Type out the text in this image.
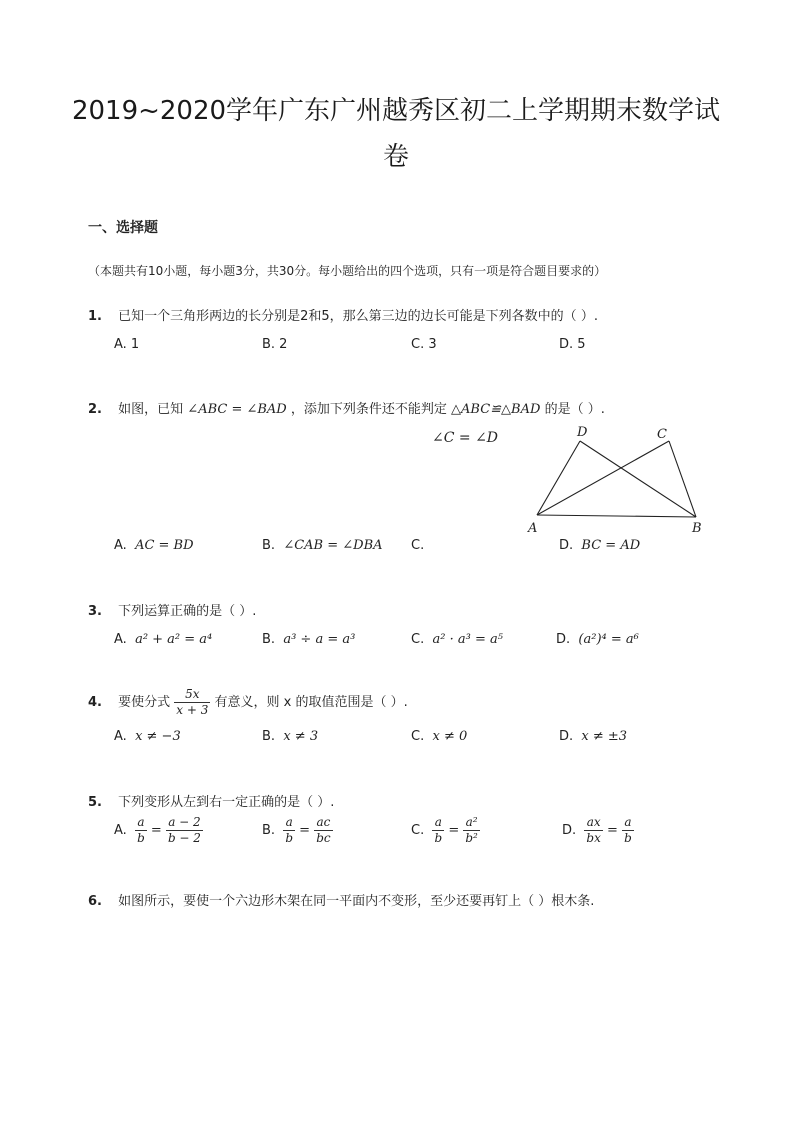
2019~2020学年广东广州越秀区初二上学期期末数学试
卷
一、选择题
（本题共有10小题，每小题3分，共30分。每小题给出的四个选项，只有一项是符合题目要求的）
1. 已知一个三角形两边的长分别是2和5，那么第三边的边长可能是下列各数中的（ ）.
A. 1	B. 2	C. 3	D. 5
2. 如图，已知 ∠ABC = ∠BAD ，添加下列条件还不能判定 △ABC≌△BAD 的是（ ）.
∠C = ∠D
A	B
C
D
A. AC = BD	B. ∠CAB = ∠DBA C.	D. BC = AD
3. 下列运算正确的是（ ）.
A. a² + a² = a⁴	B. a³ ÷ a = a³	C. a² · a³ = a⁵	D. (a²)⁴ = a⁶
4. 要使分式 $\frac{5x}{x + 3}$ 有意义，则 x 的取值范围是（ ）.
A. x ≠ −3	B. x ≠ 3	C. x ≠ 0	D. x ≠ ±3
5. 下列变形从左到右一定正确的是（ ）.
A. $\frac{a}{b} = \frac{a - 2}{b - 2}$	B. $\frac{a}{b} = \frac{ac}{bc}$	C. $\frac{a}{b} = \frac{\text{a²}}{\text{b²}}$	D. $\frac{ax}{bx} = \frac{a}{b}$
6. 如图所示，要使一个六边形木架在同一平面内不变形，至少还要再钉上（ ）根木条.
